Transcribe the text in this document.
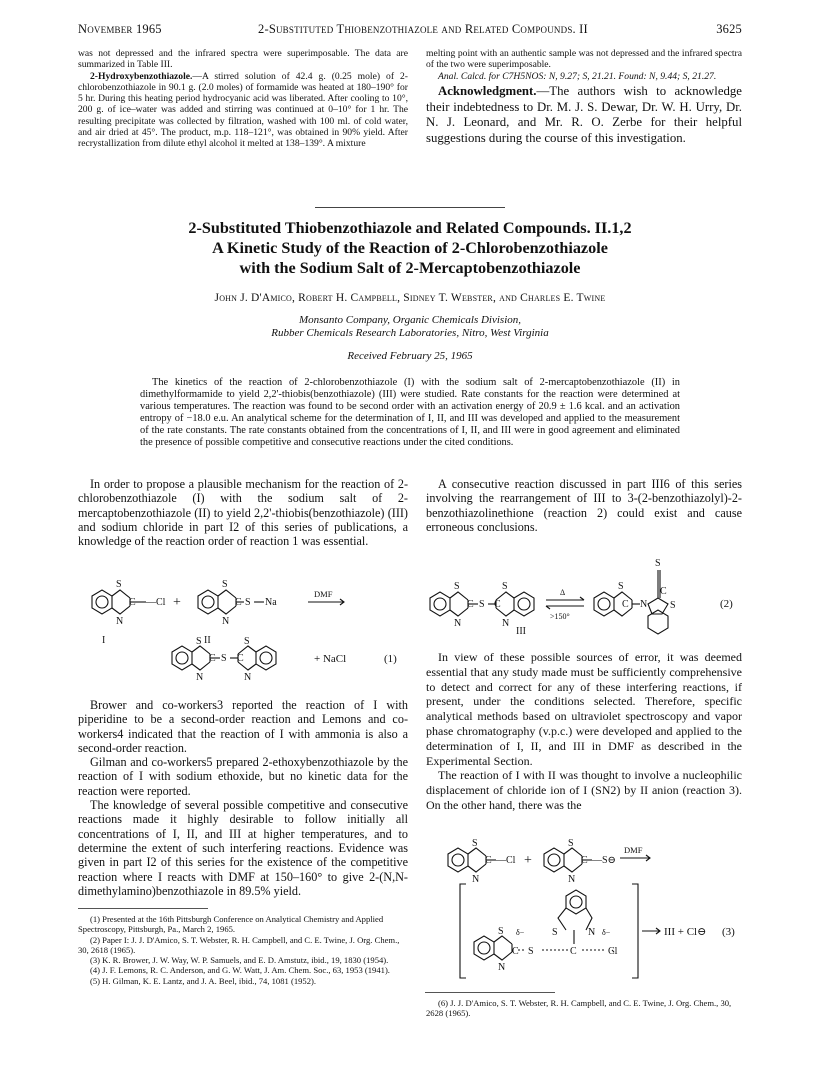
November 1965	2-Substituted Thiobenzothiazole and Related Compounds. II	3625

was not depressed and the infrared spectra were superimposable. The data are summarized in Table III.

2-Hydroxybenzothiazole.—A stirred solution of 42.4 g. (0.25 mole) of 2-chlorobenzothiazole in 90.1 g. (2.0 moles) of formamide was heated at 180–190° for 5 hr. During this heating period hydrocyanic acid was liberated. After cooling to 10°, 200 g. of ice–water was added and stirring was continued at 0–10° for 1 hr. The resulting precipitate was collected by filtration, washed with 100 ml. of cold water, and air dried at 45°. The product, m.p. 118–121°, was obtained in 90% yield. After recrystallization from dilute ethyl alcohol it melted at 138–139°. A mixture

melting point with an authentic sample was not depressed and the infrared spectra of the two were superimposable.

Anal. Calcd. for C7H5NOS: N, 9.27; S, 21.21. Found: N, 9.44; S, 21.27.

Acknowledgment.—The authors wish to acknowledge their indebtedness to Dr. M. J. S. Dewar, Dr. W. H. Urry, Dr. N. J. Leonard, and Mr. R. O. Zerbe for their helpful suggestions during the course of this investigation.

2-Substituted Thiobenzothiazole and Related Compounds. II.1,2
A Kinetic Study of the Reaction of 2-Chlorobenzothiazole
with the Sodium Salt of 2-Mercaptobenzothiazole
John J. D'Amico, Robert H. Campbell, Sidney T. Webster, and Charles E. Twine
Monsanto Company, Organic Chemicals Division,
Rubber Chemicals Research Laboratories, Nitro, West Virginia
Received February 25, 1965
The kinetics of the reaction of 2-chlorobenzothiazole (I) with the sodium salt of 2-mercaptobenzothiazole (II) in dimethylformamide to yield 2,2'-thiobis(benzothiazole) (III) were studied. Rate constants for the reaction were determined at various temperatures. The reaction was found to be second order with an activation energy of 20.9 ± 1.6 kcal. and an activation entropy of −18.0 e.u. An analytical scheme for the determination of I, II, and III was developed and applied to the measurement of the rate constants. The rate constants obtained from the concentrations of I, II, and III were in good agreement and eliminated the presence of possible competitive and consecutive reactions under the cited conditions.

In order to propose a plausible mechanism for the reaction of 2-chlorobenzothiazole (I) with the sodium salt of 2-mercaptobenzothiazole (II) to yield 2,2'-thiobis(benzothiazole) (III) and sodium chloride in part I2 of this series of publications, a knowledge of the reaction order of reaction 1 was essential.

S
N
C —Cl +
S
N
C S Na
DMF
I	II
S
N
C S C
S
N
+ NaCl	(1)

Brower and co-workers3 reported the reaction of I with piperidine to be a second-order reaction and Lemons and co-workers4 indicated that the reaction of I with ammonia is also a second-order reaction.

Gilman and co-workers5 prepared 2-ethoxybenzothiazole by the reaction of I with sodium ethoxide, but no kinetic data for the reaction were reported.

The knowledge of several possible competitive and consecutive reactions made it highly desirable to follow initially all concentrations of I, II, and III at higher temperatures, and to determine the extent of such interfering reactions. Evidence was given in part I2 of this series for the existence of the competitive reaction where I reacts with DMF at 150–160° to give 2-(N,N-dimethylamino)benzothiazole in 89.5% yield.

(1) Presented at the 16th Pittsburgh Conference on Analytical Chemistry and Applied Spectroscopy, Pittsburgh, Pa., March 2, 1965.

(2) Paper I: J. J. D'Amico, S. T. Webster, R. H. Campbell, and C. E. Twine, J. Org. Chem., 30, 2618 (1965).

(3) K. R. Brower, J. W. Way, W. P. Samuels, and E. D. Amstutz, ibid., 19, 1830 (1954).

(4) J. F. Lemons, R. C. Anderson, and G. W. Watt, J. Am. Chem. Soc., 63, 1953 (1941).

(5) H. Gilman, K. E. Lantz, and J. A. Beel, ibid., 74, 1081 (1952).

A consecutive reaction discussed in part III6 of this series involving the rearrangement of III to 3-(2-benzothiazolyl)-2-benzothiazolinethione (reaction 2) could exist and cause erroneous conclusions.

S
N
C S C
S
N
Δ
>150°
S
C N
S
C
S	(2)
III

In view of these possible sources of error, it was deemed essential that any study made must be sufficiently comprehensive to detect and correct for any of these interfering reactions, if present, under the conditions selected. Therefore, specific analytical methods based on ultraviolet spectroscopy and vapor phase chromatography (v.p.c.) were developed and applied to the determination of I, II, and III in DMF as described in the Experimental Section.

The reaction of I with II was thought to involve a nucleophilic displacement of chloride ion of I (SN2) by II anion (reaction 3). On the other hand, there was the

S
N
C —Cl +
S
N
C —S⊖
DMF
S δ−
N
C S
S	N
C
δ−
Cl
III + Cl⊖ (3)

(6) J. J. D'Amico, S. T. Webster, R. H. Campbell, and C. E. Twine, J. Org. Chem., 30, 2628 (1965).
